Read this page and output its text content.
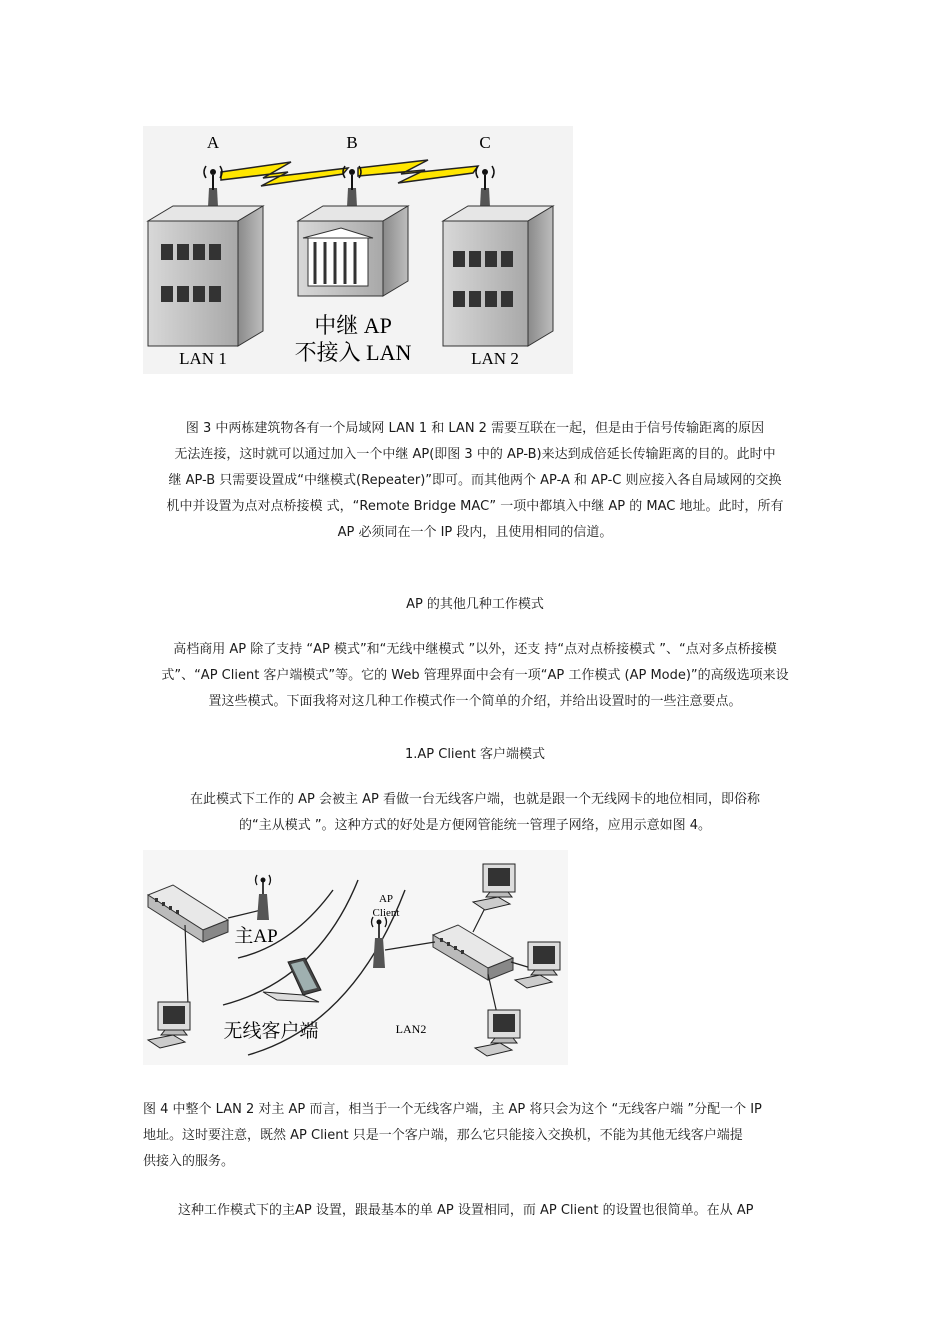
A	B	C
中继 AP
不接入 LAN
LAN 1	LAN 2
图 3 中两栋建筑物各有一个局域网 LAN 1 和 LAN 2 需要互联在一起，但是由于信号传输距离的原因
无法连接，这时就可以通过加入一个中继 AP(即图 3 中的 AP-B)来达到成倍延长传输距离的目的。此时中
继 AP-B 只需要设置成“中继模式(Repeater)”即可。而其他两个 AP-A 和 AP-C 则应接入各自局域网的交换
机中并设置为点对点桥接模 式，“Remote Bridge MAC” 一项中都填入中继 AP 的 MAC 地址。此时，所有
AP 必须同在一个 IP 段内，且使用相同的信道。
AP 的其他几种工作模式
高档商用 AP 除了支持 “AP 模式”和“无线中继模式 ”以外，还支 持“点对点桥接模式 ”、“点对多点桥接模
式”、“AP Client 客户端模式”等。它的 Web 管理界面中会有一项“AP 工作模式 (AP Mode)”的高级选项来设
置这些模式。下面我将对这几种工作模式作一个简单的介绍，并给出设置时的一些注意要点。
1.AP Client 客户端模式
在此模式下工作的 AP 会被主 AP 看做一台无线客户端，也就是跟一个无线网卡的地位相同，即俗称
的“主从模式 ”。这种方式的好处是方便网管能统一管理子网络，应用示意如图 4。
主AP
AP
Client
无线客户端	LAN2
图 4 中整个 LAN 2 对主 AP 而言，相当于一个无线客户端，主 AP 将只会为这个 “无线客户端 ”分配一个 IP
地址。这时要注意，既然 AP Client 只是一个客户端，那么它只能接入交换机，不能为其他无线客户端提
供接入的服务。
这种工作模式下的主AP 设置，跟最基本的单 AP 设置相同，而 AP Client 的设置也很简单。在从 AP
